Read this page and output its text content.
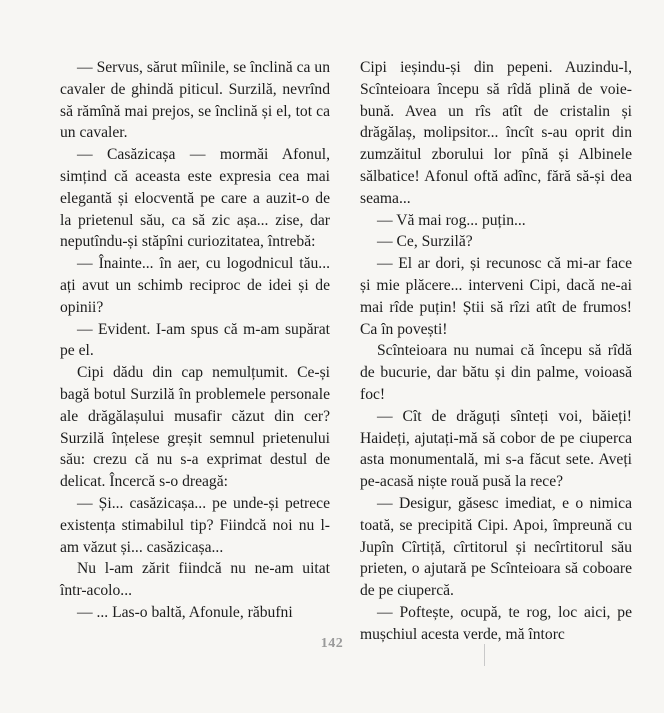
— Servus, sărut mîinile, se înclină ca un cavaler de ghindă piticul. Surzilă, nevrînd să rămînă mai prejos, se înclină și el, tot ca un cavaler.

— Casăzicașa — mormăi Afonul, simțind că aceasta este expresia cea mai elegantă și elocventă pe care a auzit-o de la prietenul său, ca să zic așa... zise, dar neputîndu-și stăpîni curiozitatea, întrebă:

— Înainte... în aer, cu logodnicul tău... ați avut un schimb reciproc de idei și de opinii?

— Evident. I-am spus că m-am supărat pe el.

Cipi dădu din cap nemulțumit. Ce-și bagă botul Surzilă în problemele personale ale drăgălașului musafir căzut din cer? Surzilă înțelese greșit semnul prietenului său: crezu că nu s-a exprimat destul de delicat. Încercă s-o dreagă:

— Și... casăzicașa... pe unde-și petrece existența stimabilul tip? Fiindcă noi nu l-am văzut și... casăzicașa...

Nu l-am zărit fiindcă nu ne-am uitat într-acolo...

— ... Las-o baltă, Afonule, răbufni

Cipi ieșindu-și din pepeni. Auzindu-l, Scînteioara începu să rîdă plină de voie-bună. Avea un rîs atît de cristalin și drăgălaș, molipsitor... încît s-au oprit din zumzăitul zborului lor pînă și Albinele sălbatice! Afonul oftă adînc, fără să-și dea seama...

— Vă mai rog... puțin...

— Ce, Surzilă?

— El ar dori, și recunosc că mi-ar face și mie plăcere... interveni Cipi, dacă ne-ai mai rîde puțin! Știi să rîzi atît de frumos! Ca în povești!

Scînteioara nu numai că începu să rîdă de bucurie, dar bătu și din palme, voioasă foc!

— Cît de drăguți sînteți voi, băieți! Haideți, ajutați-mă să cobor de pe ciuperca asta monumentală, mi s-a făcut sete. Aveți pe-acasă niște rouă pusă la rece?

— Desigur, găsesc imediat, e o nimica toată, se precipită Cipi. Apoi, împreună cu Jupîn Cîrtiță, cîrtitorul și necîrtitorul său prieten, o ajutară pe Scînteioara să coboare de pe ciupercă.

— Poftește, ocupă, te rog, loc aici, pe mușchiul acesta verde, mă întorc

142
